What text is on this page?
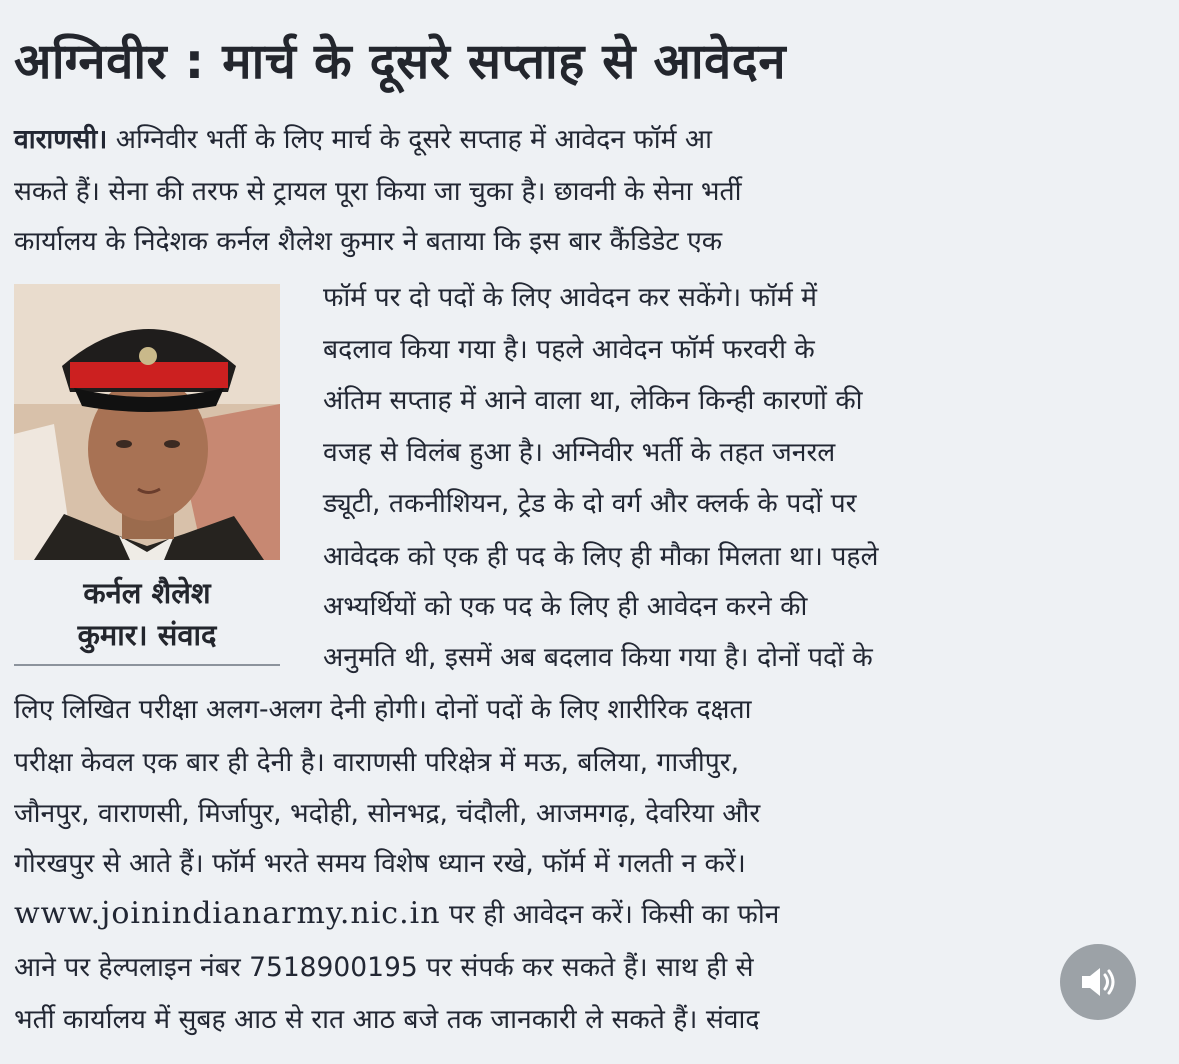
अग्निवीर : मार्च के दूसरे सप्ताह से आवेदन
वाराणसी। अग्निवीर भर्ती के लिए मार्च के दूसरे सप्ताह में आवेदन फॉर्म आ
सकते हैं। सेना की तरफ से ट्रायल पूरा किया जा चुका है। छावनी के सेना भर्ती
कार्यालय के निदेशक कर्नल शैलेश कुमार ने बताया कि इस बार कैंडिडेट एक
कर्नल शैलेश
कुमार। संवाद
फॉर्म पर दो पदों के लिए आवेदन कर सकेंगे। फॉर्म में
बदलाव किया गया है। पहले आवेदन फॉर्म फरवरी के
अंतिम सप्ताह में आने वाला था, लेकिन किन्ही कारणों की
वजह से विलंब हुआ है। अग्निवीर भर्ती के तहत जनरल
ड्यूटी, तकनीशियन, ट्रेड के दो वर्ग और क्लर्क के पदों पर
आवेदक को एक ही पद के लिए ही मौका मिलता था। पहले
अभ्यर्थियों को एक पद के लिए ही आवेदन करने की
अनुमति थी, इसमें अब बदलाव किया गया है। दोनों पदों के
लिए लिखित परीक्षा अलग-अलग देनी होगी। दोनों पदों के लिए शारीरिक दक्षता
परीक्षा केवल एक बार ही देनी है। वाराणसी परिक्षेत्र में मऊ, बलिया, गाजीपुर,
जौनपुर, वाराणसी, मिर्जापुर, भदोही, सोनभद्र, चंदौली, आजमगढ़, देवरिया और
गोरखपुर से आते हैं। फॉर्म भरते समय विशेष ध्यान रखे, फॉर्म में गलती न करें।
www.joinindianarmy.nic.in पर ही आवेदन करें। किसी का फोन
आने पर हेल्पलाइन नंबर 7518900195 पर संपर्क कर सकते हैं। साथ ही से
भर्ती कार्यालय में सुबह आठ से रात आठ बजे तक जानकारी ले सकते हैं। संवाद
